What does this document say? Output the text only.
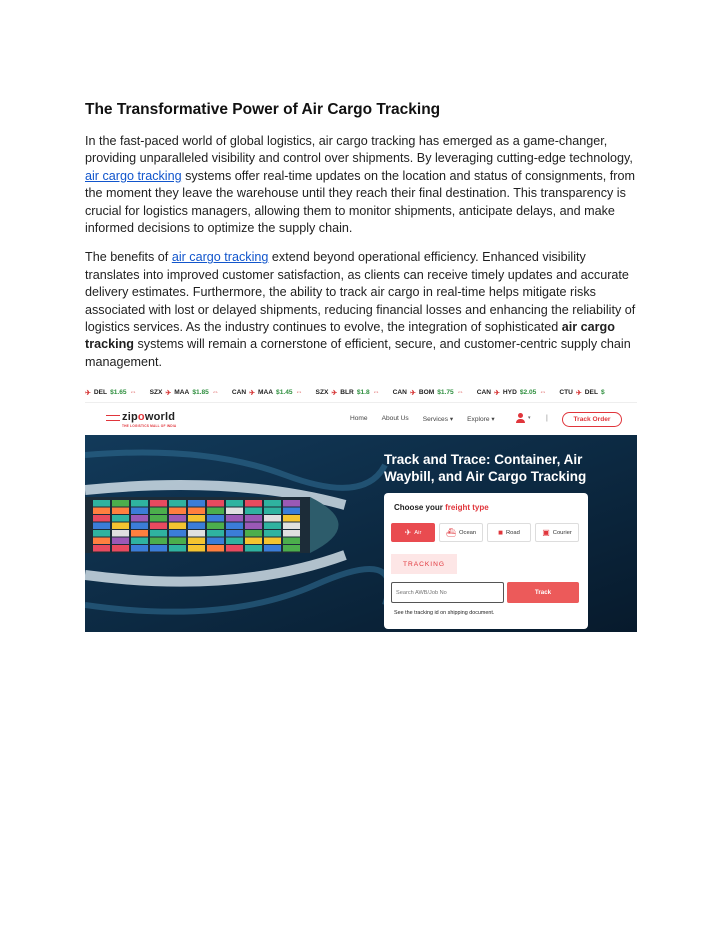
The Transformative Power of Air Cargo Tracking

In the fast-paced world of global logistics, air cargo tracking has emerged as a game-changer, providing unparalleled visibility and control over shipments. By leveraging cutting-edge technology, air cargo tracking systems offer real-time updates on the location and status of consignments, from the moment they leave the warehouse until they reach their final destination. This transparency is crucial for logistics managers, allowing them to monitor shipments, anticipate delays, and make informed decisions to optimize the supply chain.

The benefits of air cargo tracking extend beyond operational efficiency. Enhanced visibility translates into improved customer satisfaction, as clients can receive timely updates and accurate delivery estimates. Furthermore, the ability to track air cargo in real-time helps mitigate risks associated with lost or delayed shipments, reducing financial losses and enhancing the reliability of logistics services. As the industry continues to evolve, the integration of sophisticated air cargo tracking systems will remain a cornerstone of efficient, secure, and customer-centric supply chain management.

✈ DEL $1.65 ⇔ SZX ✈ MAA $1.85 ⇔ CAN ✈ MAA $1.45 ⇔ SZX ✈ BLR $1.8 ⇔ CAN ✈ BOM $1.75 ⇔ CAN ✈ HYD $2.05 ⇔ CTU ✈ DEL $
zipoworld
THE LOGISTICS MALL OF INDIA
Home About Us Services ▾ Explore ▾	▾ |	Track Order
Track and Trace: Container, Air Waybill, and Air Cargo Tracking
Choose your freight type
✈ Air	⛴ Ocean	■ Road	▣ Courier
TRACKING
Search AWB/Job No
Track
See the tracking id on shipping document.
